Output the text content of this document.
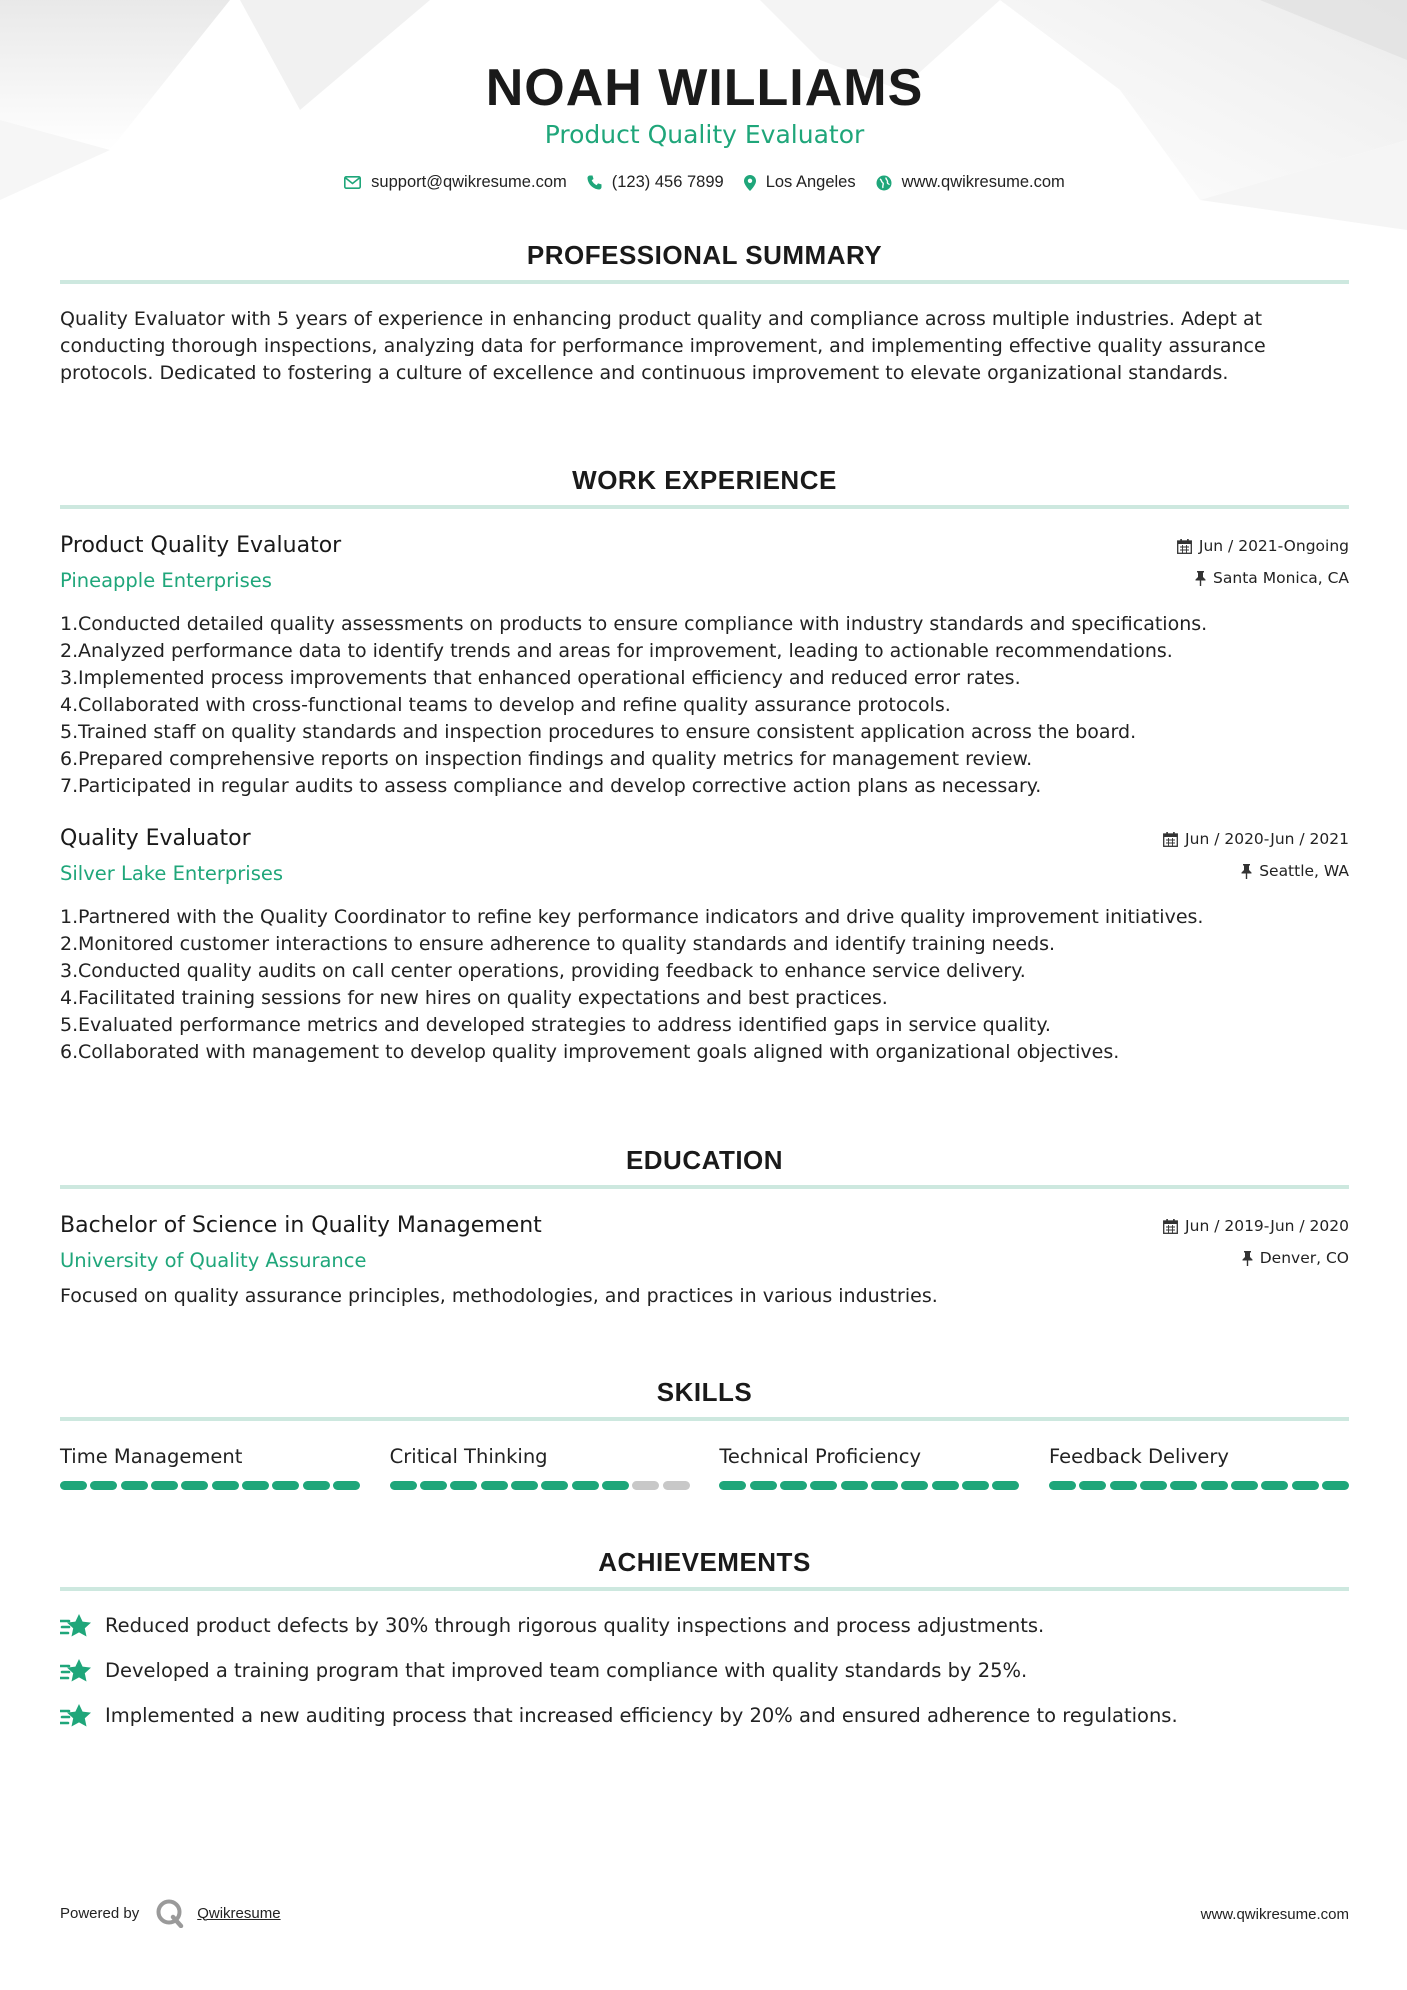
NOAH WILLIAMS
Product Quality Evaluator
support@qwikresume.com	(123) 456 7899	Los Angeles	www.qwikresume.com
PROFESSIONAL SUMMARY

Quality Evaluator with 5 years of experience in enhancing product quality and compliance across multiple industries. Adept at conducting thorough inspections, analyzing data for performance improvement, and implementing effective quality assurance protocols. Dedicated to fostering a culture of excellence and continuous improvement to elevate organizational standards.

WORK EXPERIENCE
Product Quality Evaluator
Pineapple Enterprises
Jun / 2021-Ongoing
Santa Monica, CA
1. Conducted detailed quality assessments on products to ensure compliance with industry standards and specifications.
2. Analyzed performance data to identify trends and areas for improvement, leading to actionable recommendations.
3. Implemented process improvements that enhanced operational efficiency and reduced error rates.
4. Collaborated with cross-functional teams to develop and refine quality assurance protocols.
5. Trained staff on quality standards and inspection procedures to ensure consistent application across the board.
6. Prepared comprehensive reports on inspection findings and quality metrics for management review.
7. Participated in regular audits to assess compliance and develop corrective action plans as necessary.
Quality Evaluator
Silver Lake Enterprises
Jun / 2020-Jun / 2021
Seattle, WA
1. Partnered with the Quality Coordinator to refine key performance indicators and drive quality improvement initiatives.
2. Monitored customer interactions to ensure adherence to quality standards and identify training needs.
3. Conducted quality audits on call center operations, providing feedback to enhance service delivery.
4. Facilitated training sessions for new hires on quality expectations and best practices.
5. Evaluated performance metrics and developed strategies to address identified gaps in service quality.
6. Collaborated with management to develop quality improvement goals aligned with organizational objectives.
EDUCATION
Bachelor of Science in Quality Management
University of Quality Assurance
Jun / 2019-Jun / 2020
Denver, CO

Focused on quality assurance principles, methodologies, and practices in various industries.

SKILLS
Time Management	Critical Thinking	Technical Proficiency	Feedback Delivery
ACHIEVEMENTS
Reduced product defects by 30% through rigorous quality inspections and process adjustments.
Developed a training program that improved team compliance with quality standards by 25%.
Implemented a new auditing process that increased efficiency by 20% and ensured adherence to regulations.
Powered by	Qwikresume	www.qwikresume.com
